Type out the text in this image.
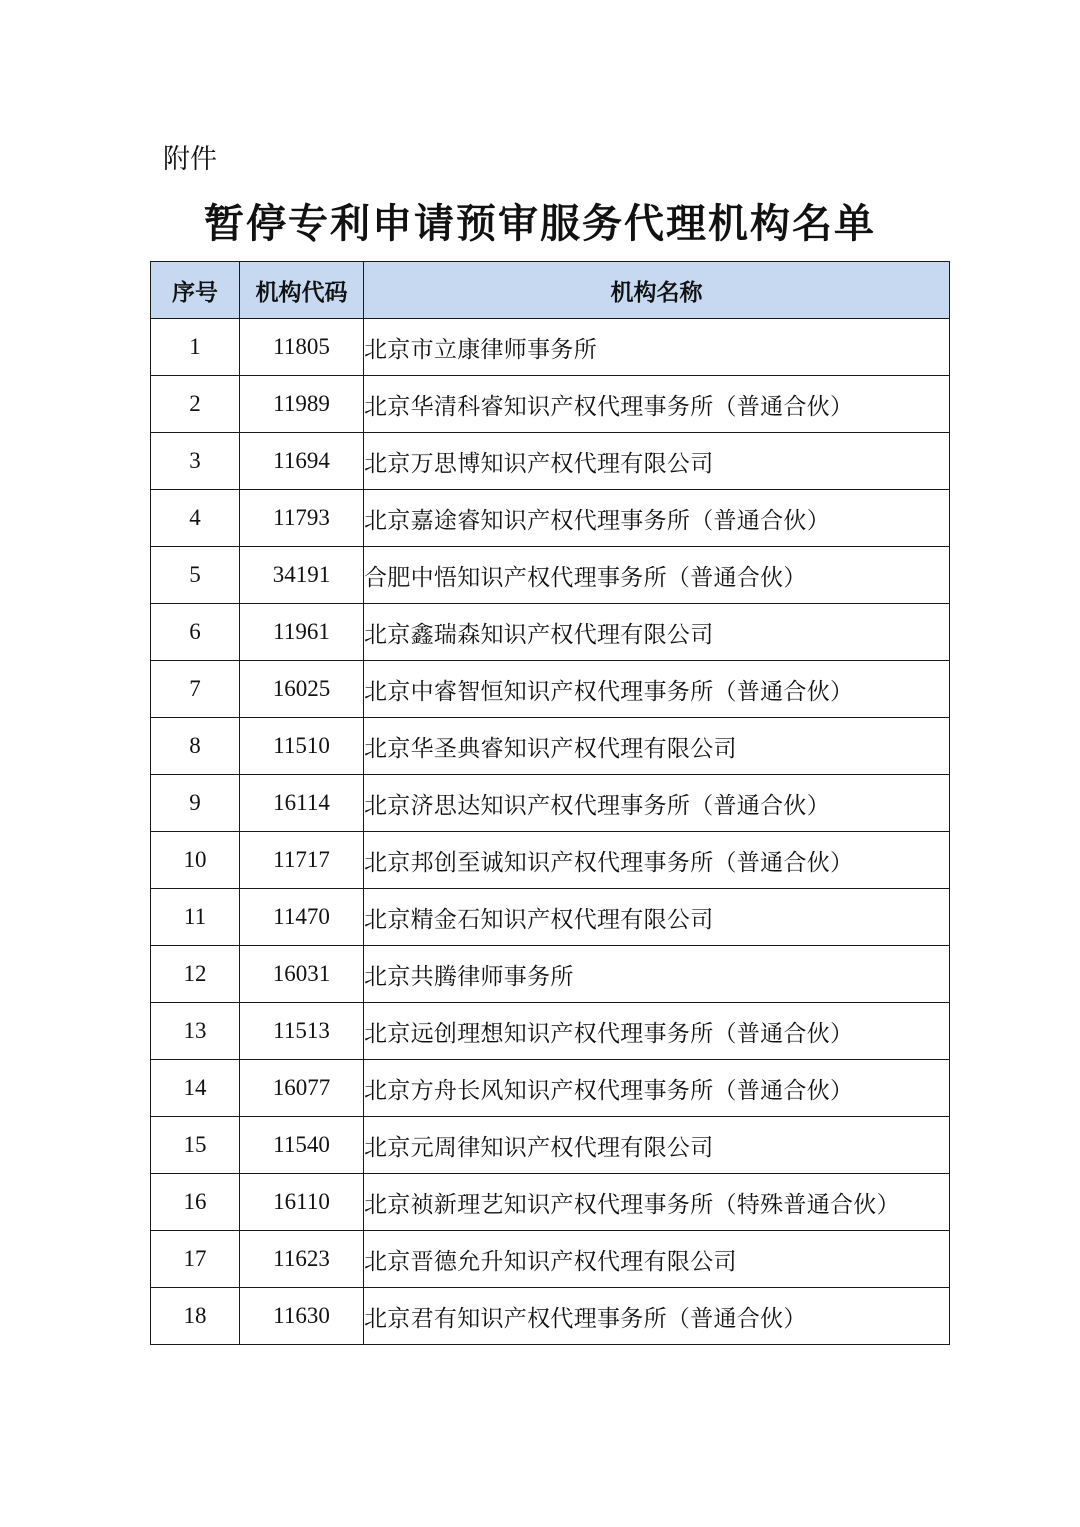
附件
暂停专利申请预审服务代理机构名单
序号	机构代码	机构名称
1	11805	北京市立康律师事务所
2	11989	北京华清科睿知识产权代理事务所（普通合伙）
3	11694	北京万思博知识产权代理有限公司
4	11793	北京嘉途睿知识产权代理事务所（普通合伙）
5	34191	合肥中悟知识产权代理事务所（普通合伙）
6	11961	北京鑫瑞森知识产权代理有限公司
7	16025	北京中睿智恒知识产权代理事务所（普通合伙）
8	11510	北京华圣典睿知识产权代理有限公司
9	16114	北京济思达知识产权代理事务所（普通合伙）
10	11717	北京邦创至诚知识产权代理事务所（普通合伙）
11	11470	北京精金石知识产权代理有限公司
12	16031	北京共腾律师事务所
13	11513	北京远创理想知识产权代理事务所（普通合伙）
14	16077	北京方舟长风知识产权代理事务所（普通合伙）
15	11540	北京元周律知识产权代理有限公司
16	16110	北京祯新理艺知识产权代理事务所（特殊普通合伙）
17	11623	北京晋德允升知识产权代理有限公司
18	11630	北京君有知识产权代理事务所（普通合伙）
